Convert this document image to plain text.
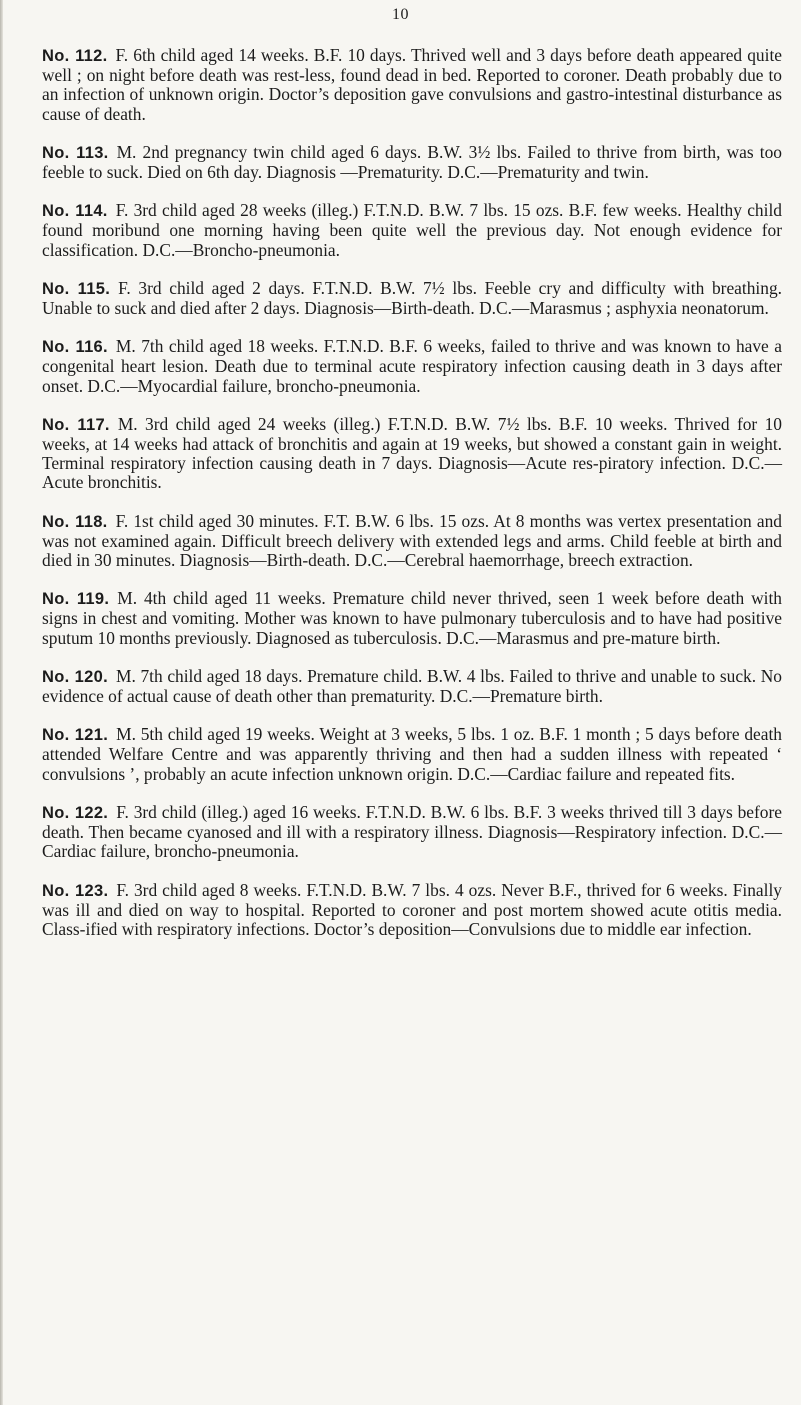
10

No. 112. F. 6th child aged 14 weeks. B.F. 10 days. Thrived well and 3 days before death appeared quite well ; on night before death was rest-less, found dead in bed. Reported to coroner. Death probably due to an infection of unknown origin. Doctor’s deposition gave convulsions and gastro-intestinal disturbance as cause of death.

No. 113. M. 2nd pregnancy twin child aged 6 days. B.W. 3½ lbs. Failed to thrive from birth, was too feeble to suck. Died on 6th day. Diagnosis —Prematurity. D.C.—Prematurity and twin.

No. 114. F. 3rd child aged 28 weeks (illeg.) F.T.N.D. B.W. 7 lbs. 15 ozs. B.F. few weeks. Healthy child found moribund one morning having been quite well the previous day. Not enough evidence for classification. D.C.—Broncho-pneumonia.

No. 115. F. 3rd child aged 2 days. F.T.N.D. B.W. 7½ lbs. Feeble cry and difficulty with breathing. Unable to suck and died after 2 days. Diagnosis—Birth-death. D.C.—Marasmus ; asphyxia neonatorum.

No. 116. M. 7th child aged 18 weeks. F.T.N.D. B.F. 6 weeks, failed to thrive and was known to have a congenital heart lesion. Death due to terminal acute respiratory infection causing death in 3 days after onset. D.C.—Myocardial failure, broncho-pneumonia.

No. 117. M. 3rd child aged 24 weeks (illeg.) F.T.N.D. B.W. 7½ lbs. B.F. 10 weeks. Thrived for 10 weeks, at 14 weeks had attack of bronchitis and again at 19 weeks, but showed a constant gain in weight. Terminal respiratory infection causing death in 7 days. Diagnosis—Acute res-piratory infection. D.C.—Acute bronchitis.

No. 118. F. 1st child aged 30 minutes. F.T. B.W. 6 lbs. 15 ozs. At 8 months was vertex presentation and was not examined again. Difficult breech delivery with extended legs and arms. Child feeble at birth and died in 30 minutes. Diagnosis—Birth-death. D.C.—Cerebral haemorrhage, breech extraction.

No. 119. M. 4th child aged 11 weeks. Premature child never thrived, seen 1 week before death with signs in chest and vomiting. Mother was known to have pulmonary tuberculosis and to have had positive sputum 10 months previously. Diagnosed as tuberculosis. D.C.—Marasmus and pre-mature birth.

No. 120. M. 7th child aged 18 days. Premature child. B.W. 4 lbs. Failed to thrive and unable to suck. No evidence of actual cause of death other than prematurity. D.C.—Premature birth.

No. 121. M. 5th child aged 19 weeks. Weight at 3 weeks, 5 lbs. 1 oz. B.F. 1 month ; 5 days before death attended Welfare Centre and was apparently thriving and then had a sudden illness with repeated ‘ convulsions ’, probably an acute infection unknown origin. D.C.—Cardiac failure and repeated fits.

No. 122. F. 3rd child (illeg.) aged 16 weeks. F.T.N.D. B.W. 6 lbs. B.F. 3 weeks thrived till 3 days before death. Then became cyanosed and ill with a respiratory illness. Diagnosis—Respiratory infection. D.C.—Cardiac failure, broncho-pneumonia.

No. 123. F. 3rd child aged 8 weeks. F.T.N.D. B.W. 7 lbs. 4 ozs. Never B.F., thrived for 6 weeks. Finally was ill and died on way to hospital. Reported to coroner and post mortem showed acute otitis media. Class-ified with respiratory infections. Doctor’s deposition—Convulsions due to middle ear infection.
